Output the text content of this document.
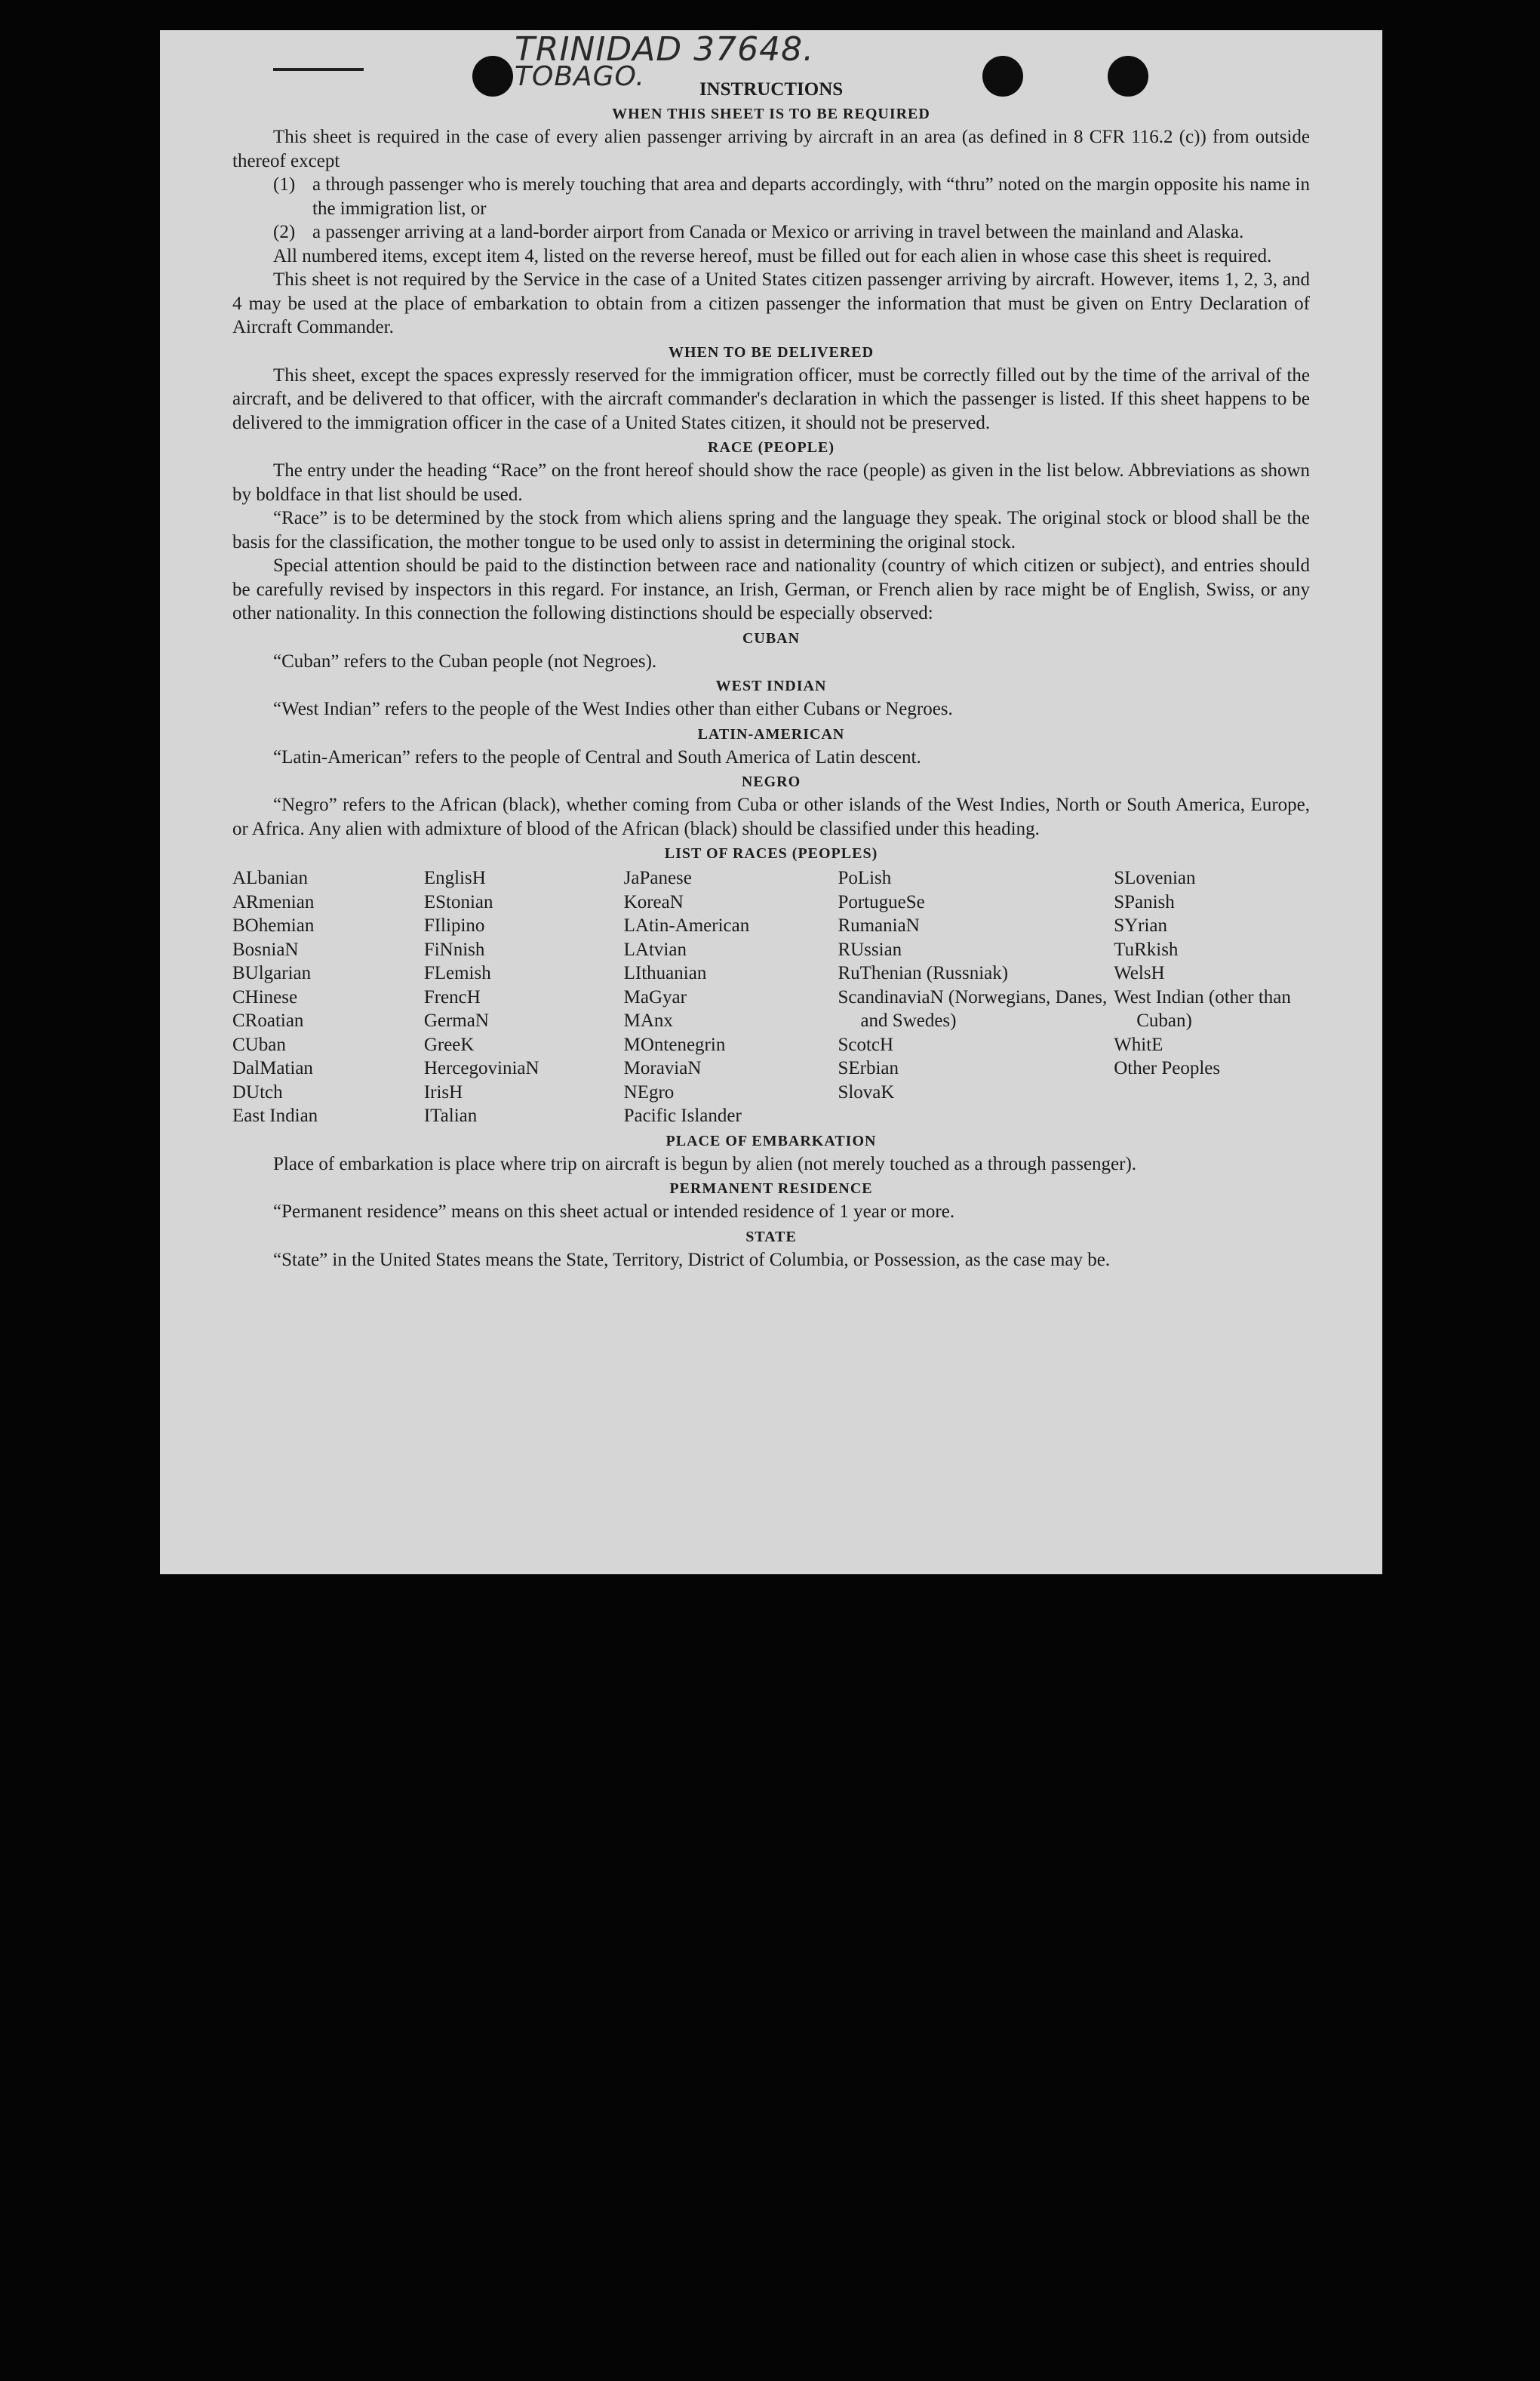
TRINIDAD 37648.
TOBAGO.	INSTRUCTIONS
WHEN THIS SHEET IS TO BE REQUIRED

This sheet is required in the case of every alien passenger arriving by aircraft in an area (as defined in 8 CFR 116.2 (c)) from outside thereof except

(1) a through passenger who is merely touching that area and departs accordingly, with “thru” noted on the margin opposite his name in the immigration list, or
(2) a passenger arriving at a land-border airport from Canada or Mexico or arriving in travel between the mainland and Alaska.

All numbered items, except item 4, listed on the reverse hereof, must be filled out for each alien in whose case this sheet is required.

This sheet is not required by the Service in the case of a United States citizen passenger arriving by aircraft. However, items 1, 2, 3, and 4 may be used at the place of embarkation to obtain from a citizen passenger the information that must be given on Entry Declaration of Aircraft Commander.

WHEN TO BE DELIVERED

This sheet, except the spaces expressly reserved for the immigration officer, must be correctly filled out by the time of the arrival of the aircraft, and be delivered to that officer, with the aircraft commander's declaration in which the passenger is listed. If this sheet happens to be delivered to the immigration officer in the case of a United States citizen, it should not be preserved.

RACE (PEOPLE)

The entry under the heading “Race” on the front hereof should show the race (people) as given in the list below. Abbreviations as shown by boldface in that list should be used.

“Race” is to be determined by the stock from which aliens spring and the language they speak. The original stock or blood shall be the basis for the classification, the mother tongue to be used only to assist in determining the original stock.

Special attention should be paid to the distinction between race and nationality (country of which citizen or subject), and entries should be carefully revised by inspectors in this regard. For instance, an Irish, German, or French alien by race might be of English, Swiss, or any other nationality. In this connection the following distinctions should be especially observed:

CUBAN

“Cuban” refers to the Cuban people (not Negroes).

WEST INDIAN

“West Indian” refers to the people of the West Indies other than either Cubans or Negroes.

LATIN-AMERICAN

“Latin-American” refers to the people of Central and South America of Latin descent.

NEGRO

“Negro” refers to the African (black), whether coming from Cuba or other islands of the West Indies, North or South America, Europe, or Africa. Any alien with admixture of blood of the African (black) should be classified under this heading.

LIST OF RACES (PEOPLES)
ALbanian
ARmenian
BOhemian
BosniaN
BUlgarian
CHinese
CRoatian
CUban
DalMatian
DUtch
East Indian
EnglisH
EStonian
FIlipino
FiNnish
FLemish
FrencH
GermaN
GreeK
HercegoviniaN
IrisH
ITalian
JaPanese
KoreaN
LAtin-American
LAtvian
LIthuanian
MaGyar
MAnx
MOntenegrin
MoraviaN
NEgro
Pacific Islander
PoLish
PortugueSe
RumaniaN
RUssian
RuThenian (Russniak)
ScandinaviaN (Norwegians, Danes, and Swedes)
ScotcH
SErbian
SlovaK
SLovenian
SPanish
SYrian
TuRkish
WelsH
West Indian (other than Cuban)
WhitE
Other Peoples
PLACE OF EMBARKATION

Place of embarkation is place where trip on aircraft is begun by alien (not merely touched as a through passenger).

PERMANENT RESIDENCE

“Permanent residence” means on this sheet actual or intended residence of 1 year or more.

STATE

“State” in the United States means the State, Territory, District of Columbia, or Possession, as the case may be.
